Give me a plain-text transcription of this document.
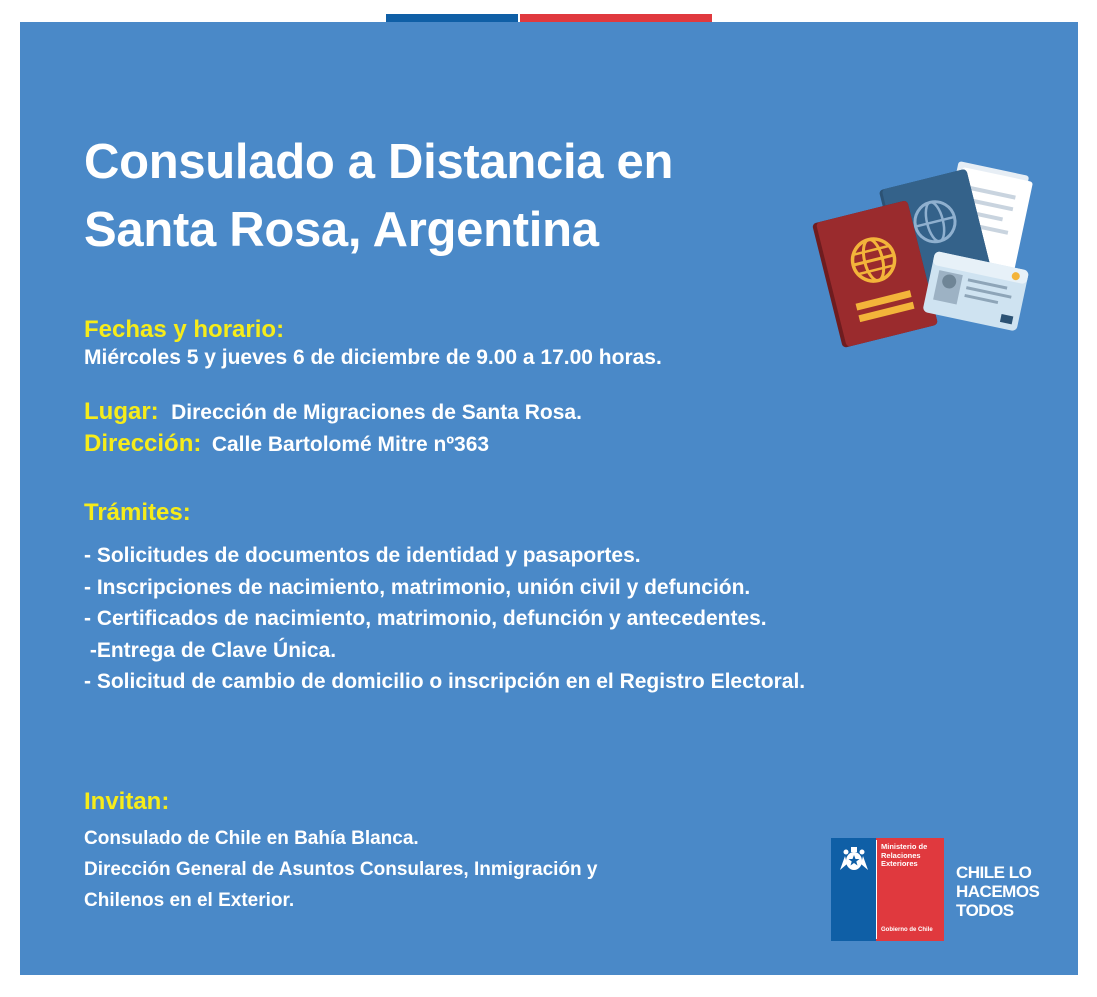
Consulado a Distancia en
Santa Rosa, Argentina
Fechas y horario:
Miércoles 5 y jueves 6 de diciembre de 9.00 a 17.00 horas.
Lugar: Dirección de Migraciones de Santa Rosa.
Dirección: Calle Bartolomé Mitre nº363
Trámites:
- Solicitudes de documentos de identidad y pasaportes.
- Inscripciones de nacimiento, matrimonio, unión civil y defunción.
- Certificados de nacimiento, matrimonio, defunción y antecedentes.
-Entrega de Clave Única.
- Solicitud de cambio de domicilio o inscripción en el Registro Electoral.
Invitan:
Consulado de Chile en Bahía Blanca.
Dirección General de Asuntos Consulares, Inmigración y
Chilenos en el Exterior.
Ministerio de
Relaciones
Exteriores
Gobierno de Chile
CHILE LO
HACEMOS
TODOS
